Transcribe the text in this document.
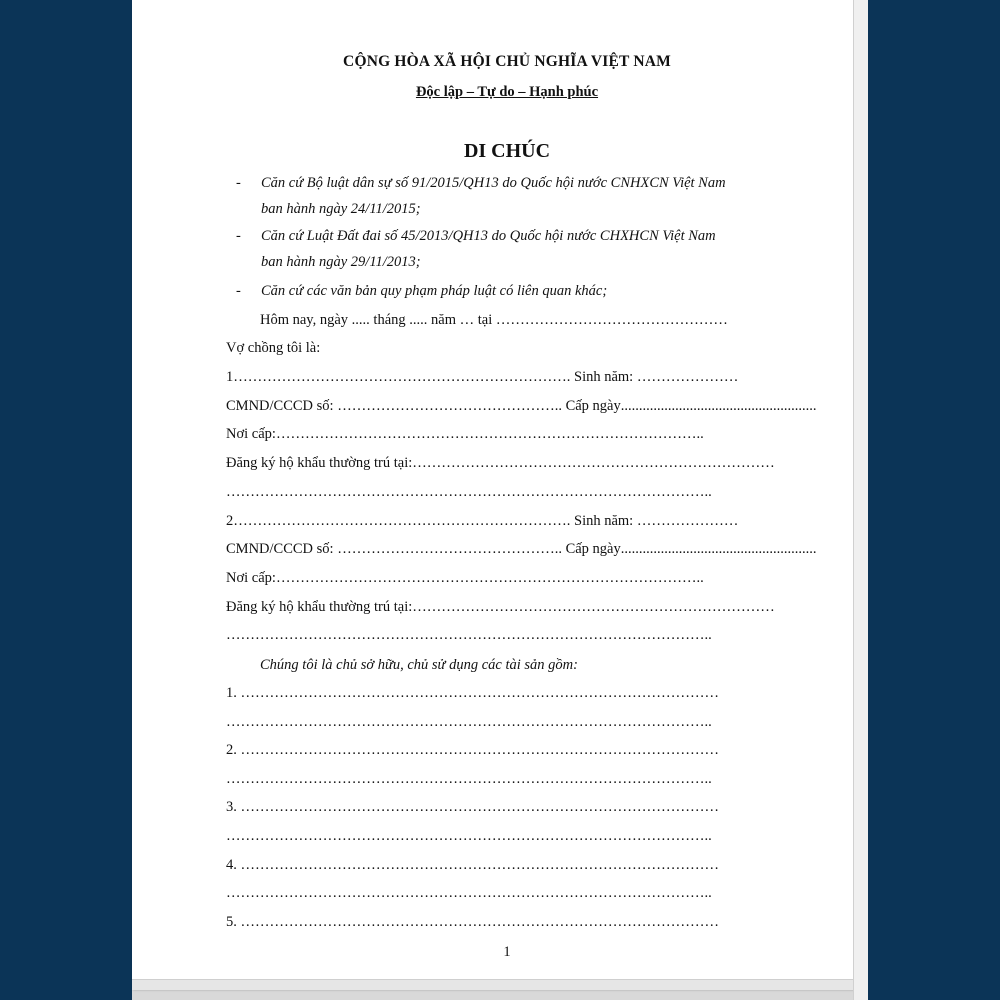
CỘNG HÒA XÃ HỘI CHỦ NGHĨA VIỆT NAM
Độc lập – Tự do – Hạnh phúc
DI CHÚC
- Căn cứ Bộ luật dân sự số 91/2015/QH13 do Quốc hội nước CNHXCN Việt Nam
ban hành ngày 24/11/2015;
- Căn cứ Luật Đất đai số 45/2013/QH13 do Quốc hội nước CHXHCN Việt Nam
ban hành ngày 29/11/2013;
- Căn cứ các văn bản quy phạm pháp luật có liên quan khác;
Hôm nay, ngày ..... tháng ..... năm … tại …………………………………………
Vợ chồng tôi là:
1……………………………………………………………. Sinh năm: …………………
CMND/CCCD số: ……………………………………….. Cấp ngày ......................................................
Nơi cấp: ……………………………………………………………………………..
Đăng ký hộ khẩu thường trú tại: …………………………………………………………………
………………………………………………………………………………………..
2……………………………………………………………. Sinh năm: …………………
CMND/CCCD số: ……………………………………….. Cấp ngày ......................................................
Nơi cấp: ……………………………………………………………………………..
Đăng ký hộ khẩu thường trú tại: …………………………………………………………………
………………………………………………………………………………………..
Chúng tôi là chủ sở hữu, chủ sử dụng các tài sản gồm:
1. ………………………………………………………………………………………
………………………………………………………………………………………..
2. ………………………………………………………………………………………
………………………………………………………………………………………..
3. ………………………………………………………………………………………
………………………………………………………………………………………..
4. ………………………………………………………………………………………
………………………………………………………………………………………..
5. ………………………………………………………………………………………
1
